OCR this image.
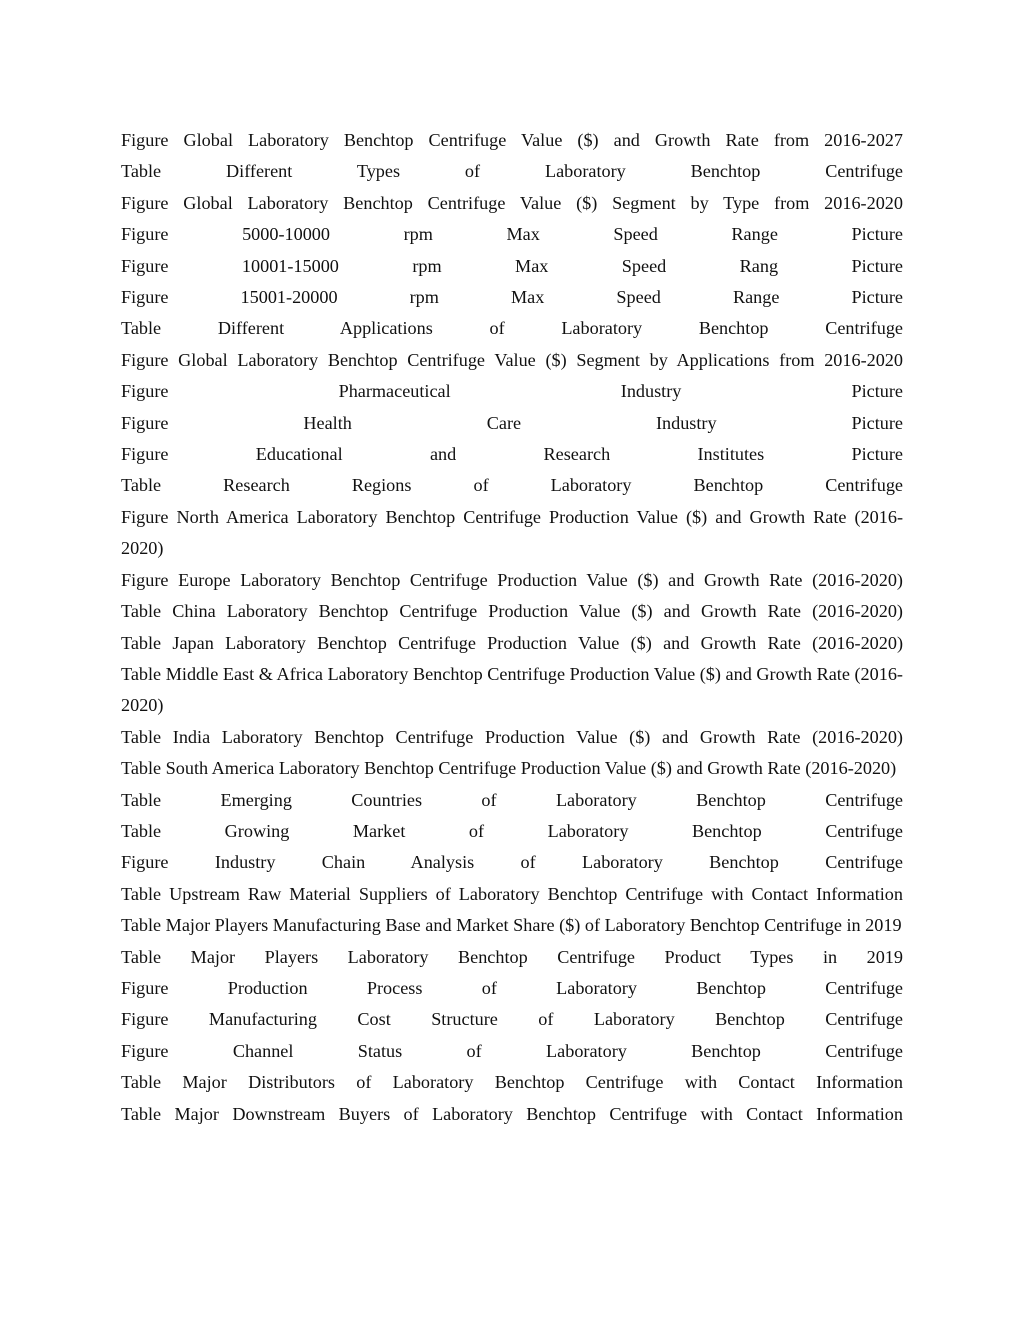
Figure Global Laboratory Benchtop Centrifuge Value ($) and Growth Rate from 2016-2027
Table Different Types of Laboratory Benchtop Centrifuge
Figure Global Laboratory Benchtop Centrifuge Value ($) Segment by Type from 2016-2020
Figure 5000-10000 rpm Max Speed Range Picture
Figure 10001-15000 rpm Max Speed Rang Picture
Figure 15001-20000 rpm Max Speed Range Picture
Table Different Applications of Laboratory Benchtop Centrifuge
Figure Global Laboratory Benchtop Centrifuge Value ($) Segment by Applications from 2016-2020
Figure Pharmaceutical Industry Picture
Figure Health Care Industry Picture
Figure Educational and Research Institutes Picture
Table Research Regions of Laboratory Benchtop Centrifuge
Figure North America Laboratory Benchtop Centrifuge Production Value ($) and Growth Rate (2016-2020)
Figure Europe Laboratory Benchtop Centrifuge Production Value ($) and Growth Rate (2016-2020)
Table China Laboratory Benchtop Centrifuge Production Value ($) and Growth Rate (2016-2020)
Table Japan Laboratory Benchtop Centrifuge Production Value ($) and Growth Rate (2016-2020)
Table Middle East & Africa Laboratory Benchtop Centrifuge Production Value ($) and Growth Rate (2016-2020)
Table India Laboratory Benchtop Centrifuge Production Value ($) and Growth Rate (2016-2020)
Table South America Laboratory Benchtop Centrifuge Production Value ($) and Growth Rate (2016-2020)
Table Emerging Countries of Laboratory Benchtop Centrifuge
Table Growing Market of Laboratory Benchtop Centrifuge
Figure Industry Chain Analysis of Laboratory Benchtop Centrifuge
Table Upstream Raw Material Suppliers of Laboratory Benchtop Centrifuge with Contact Information
Table Major Players Manufacturing Base and Market Share ($) of Laboratory Benchtop Centrifuge in 2019
Table Major Players Laboratory Benchtop Centrifuge Product Types in 2019
Figure Production Process of Laboratory Benchtop Centrifuge
Figure Manufacturing Cost Structure of Laboratory Benchtop Centrifuge
Figure Channel Status of Laboratory Benchtop Centrifuge
Table Major Distributors of Laboratory Benchtop Centrifuge with Contact Information
Table Major Downstream Buyers of Laboratory Benchtop Centrifuge with Contact Information
